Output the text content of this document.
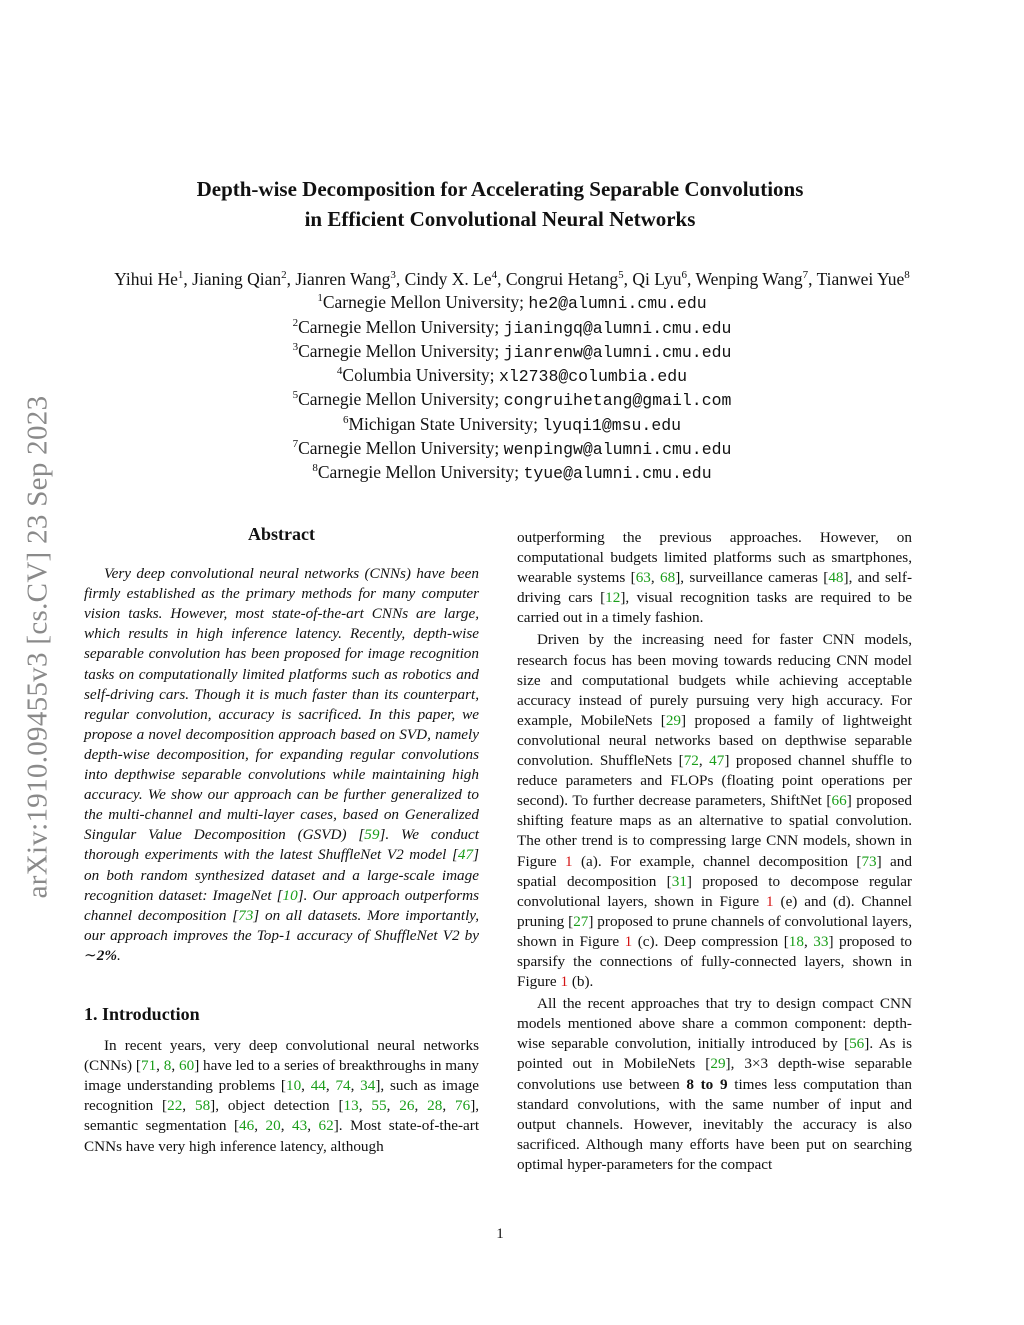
arXiv:1910.09455v3 [cs.CV] 23 Sep 2023
Depth-wise Decomposition for Accelerating Separable Convolutions
in Efficient Convolutional Neural Networks
Yihui He$^1$, Jianing Qian$^2$, Jianren Wang$^3$, Cindy X. Le$^4$, Congrui Hetang$^5$, Qi Lyu$^6$, Wenping Wang$^7$, Tianwei Yue$^8$
$^1$Carnegie Mellon University; he2@alumni.cmu.edu
$^2$Carnegie Mellon University; jianingq@alumni.cmu.edu
$^3$Carnegie Mellon University; jianrenw@alumni.cmu.edu
$^4$Columbia University; xl2738@columbia.edu
$^5$Carnegie Mellon University; congruihetang@gmail.com
$^6$Michigan State University; lyuqi1@msu.edu
$^7$Carnegie Mellon University; wenpingw@alumni.cmu.edu
$^8$Carnegie Mellon University; tyue@alumni.cmu.edu
Abstract

Very deep convolutional neural networks (CNNs) have been firmly established as the primary methods for many computer vision tasks. However, most state-of-the-art CNNs are large, which results in high inference latency. Recently, depth-wise separable convolution has been proposed for image recognition tasks on computationally limited platforms such as robotics and self-driving cars. Though it is much faster than its counterpart, regular convolution, accuracy is sacrificed. In this paper, we propose a novel decomposition approach based on SVD, namely depth-wise decomposition, for expanding regular convolutions into depthwise separable convolutions while maintaining high accuracy. We show our approach can be further generalized to the multi-channel and multi-layer cases, based on Generalized Singular Value Decomposition (GSVD) [59]. We conduct thorough experiments with the latest ShuffleNet V2 model [47] on both random synthesized dataset and a large-scale image recognition dataset: ImageNet [10]. Our approach outperforms channel decomposition [73] on all datasets. More importantly, our approach improves the Top-1 accuracy of ShuffleNet V2 by ∼2%.

1. Introduction

In recent years, very deep convolutional neural networks (CNNs) [71, 8, 60] have led to a series of breakthroughs in many image understanding problems [10, 44, 74, 34], such as image recognition [22, 58], object detection [13, 55, 26, 28, 76], semantic segmentation [46, 20, 43, 62]. Most state-of-the-art CNNs have very high inference latency, although

outperforming the previous approaches. However, on computational budgets limited platforms such as smartphones, wearable systems [63, 68], surveillance cameras [48], and self-driving cars [12], visual recognition tasks are required to be carried out in a timely fashion.

Driven by the increasing need for faster CNN models, research focus has been moving towards reducing CNN model size and computational budgets while achieving acceptable accuracy instead of purely pursuing very high accuracy. For example, MobileNets [29] proposed a family of lightweight convolutional neural networks based on depthwise separable convolution. ShuffleNets [72, 47] proposed channel shuffle to reduce parameters and FLOPs (floating point operations per second). To further decrease parameters, ShiftNet [66] proposed shifting feature maps as an alternative to spatial convolution. The other trend is to compressing large CNN models, shown in Figure 1 (a). For example, channel decomposition [73] and spatial decomposition [31] proposed to decompose regular convolutional layers, shown in Figure 1 (e) and (d). Channel pruning [27] proposed to prune channels of convolutional layers, shown in Figure 1 (c). Deep compression [18, 33] proposed to sparsify the connections of fully-connected layers, shown in Figure 1 (b).

All the recent approaches that try to design compact CNN models mentioned above share a common component: depth-wise separable convolution, initially introduced by [56]. As is pointed out in MobileNets [29], 3×3 depth-wise separable convolutions use between 8 to 9 times less computation than standard convolutions, with the same number of input and output channels. However, inevitably the accuracy is also sacrificed. Although many efforts have been put on searching optimal hyper-parameters for the compact

1
